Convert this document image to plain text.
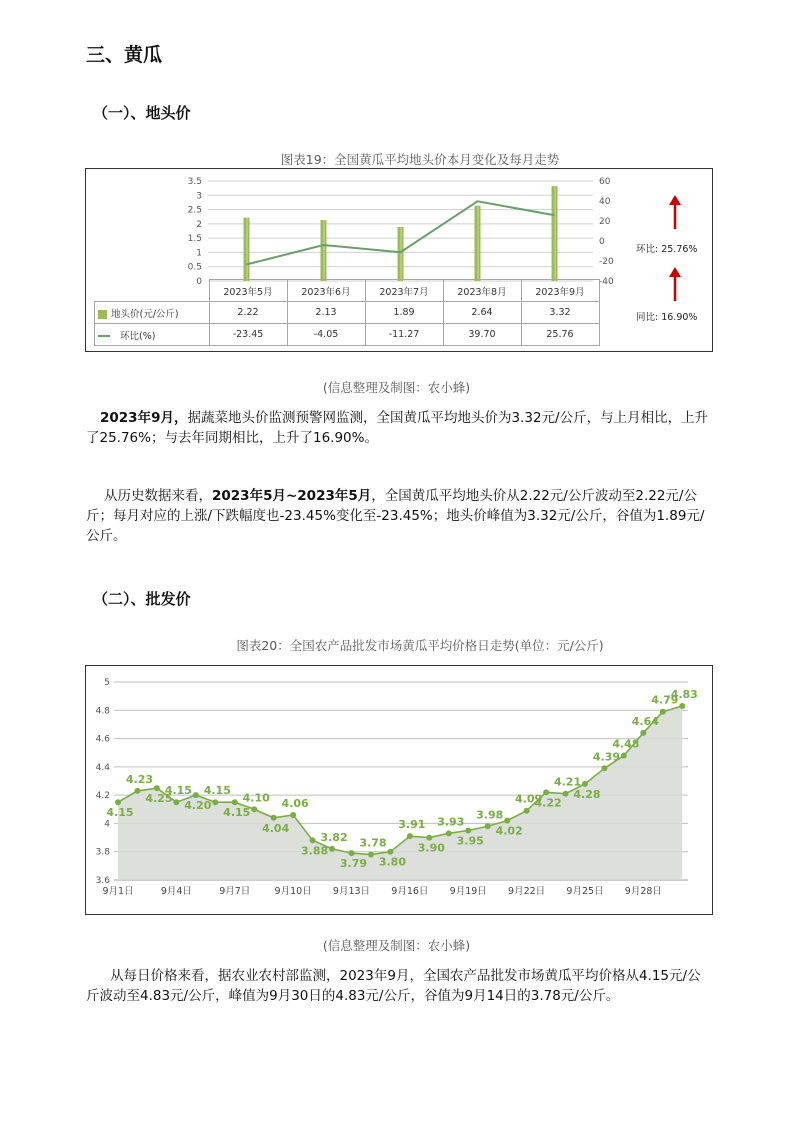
三、黄瓜
（一）、地头价
图表19：全国黄瓜平均地头价本月变化及每月走势
3.5
3
2.5
2
1.5
1
0.5
0
60
40
20
0
-20
-40
环比: 25.76%
同比: 16.90%
	2023年5月	2023年6月	2023年7月	2023年8月	2023年9月
地头价(元/公斤)	2.22	2.13	1.89	2.64	3.32
环比(%)	-23.45	-4.05	-11.27	39.70	25.76
(信息整理及制图：农小蜂)
2023年9月，据蔬菜地头价监测预警网监测，全国黄瓜平均地头价为3.32元/公斤，与上月相比，上升了25.76%；与去年同期相比，上升了16.90%。
从历史数据来看，2023年5月~2023年5月，全国黄瓜平均地头价从2.22元/公斤波动至2.22元/公斤；每月对应的上涨/下跌幅度也-23.45%变化至-23.45%；地头价峰值为3.32元/公斤，谷值为1.89元/公斤。
（二）、批发价
图表20：全国农产品批发市场黄瓜平均价格日走势(单位：元/公斤)
4.15
4.23
4.25
4.15
4.20
4.15
4.15
4.10
4.04
4.06
3.88
3.82
3.79
3.78
3.80
3.91
3.90
3.93
3.95
3.98
4.02
4.09
4.22
4.21
4.28
4.39
4.48
4.64
4.79
4.83
5
4.8
4.6
4.4
4.2
4
3.8
3.6
9月1日	9月4日	9月7日	9月10日 9月13日 9月16日 9月19日 9月22日 9月25日 9月28日
(信息整理及制图：农小蜂)
从每日价格来看，据农业农村部监测，2023年9月，全国农产品批发市场黄瓜平均价格从4.15元/公斤波动至4.83元/公斤，峰值为9月30日的4.83元/公斤，谷值为9月14日的3.78元/公斤。
